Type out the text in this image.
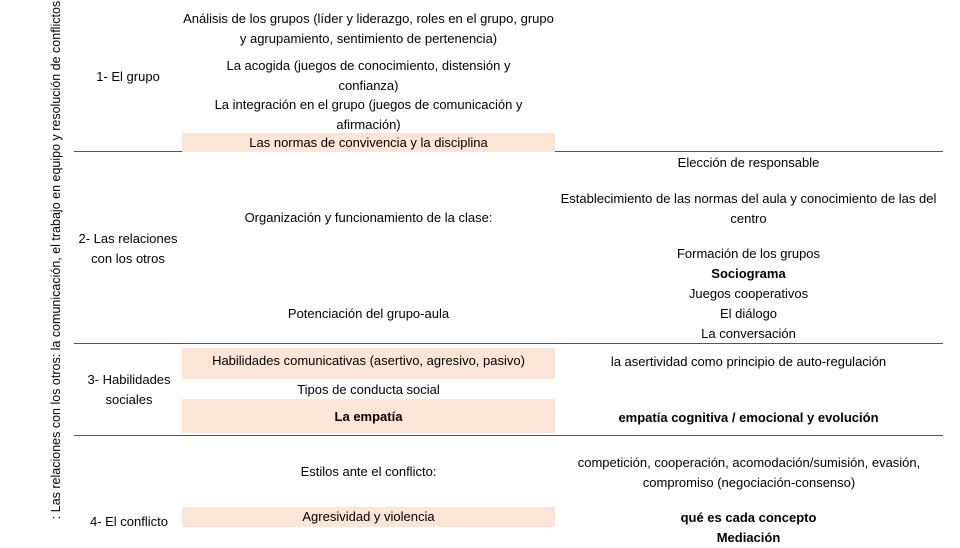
: Las relaciones con los otros: la comunicación, el trabajo en equipo y resolución de conflictos	1- El grupo
2- Las relaciones con los otros
3- Habilidades sociales
4- El conflicto
Análisis de los grupos (líder y liderazgo, roles en el grupo, grupo y agrupamiento, sentimiento de pertenencia)
La acogida (juegos de conocimiento, distensión y confianza)
La integración en el grupo (juegos de comunicación y afirmación)
Las normas de convivencia y la disciplina
Organización y funcionamiento de la clase:
Potenciación del grupo-aula
Elección de responsable
Establecimiento de las normas del aula y conocimiento de las del centro
Formación de los grupos
Sociograma
Juegos cooperativos
El diálogo
La conversación
Habilidades comunicativas (asertivo, agresivo, pasivo)
Tipos de conducta social
La empatía
la asertividad como principio de auto-regulación
empatía cognitiva / emocional y evolución
Estilos ante el conflicto:
Agresividad y violencia
competición, cooperación, acomodación/sumisión, evasión, compromiso (negociación-consenso)
qué es cada concepto
Mediación
